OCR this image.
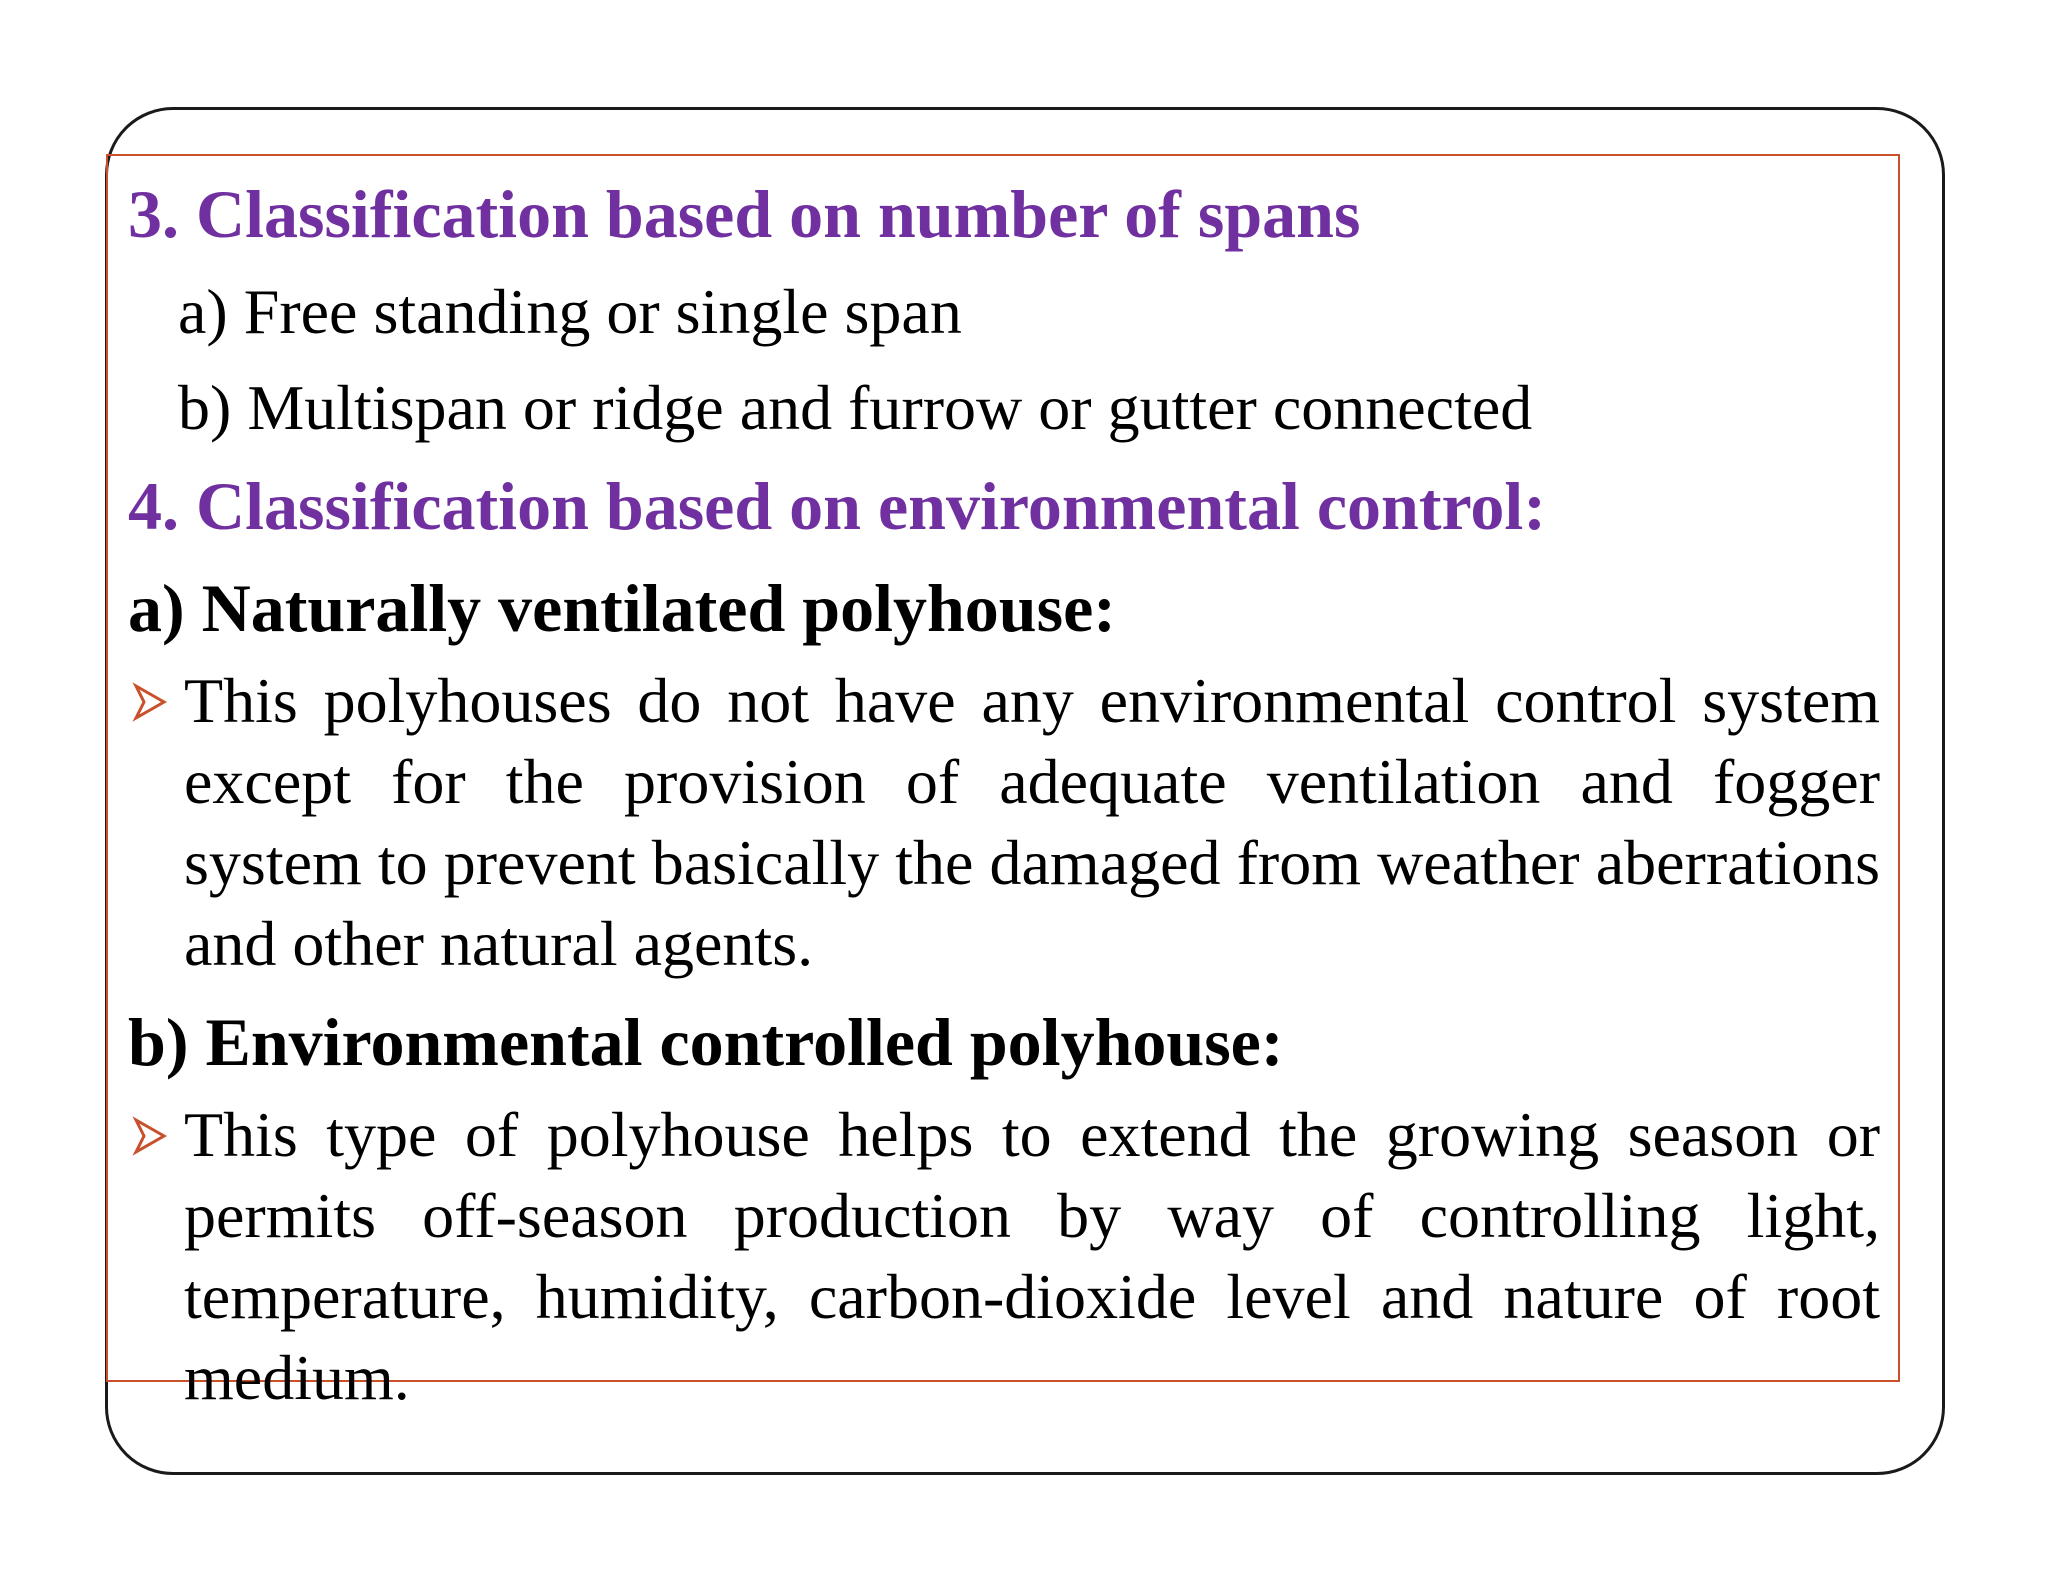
3. Classification based on number of spans

a) Free standing or single span

b) Multispan or ridge and furrow or gutter connected

4. Classification based on environmental control:

a) Naturally ventilated polyhouse:

This polyhouses do not have any environmental control system except for the provision of adequate ventilation and fogger system to prevent basically the damaged from weather aberrations and other natural agents.

b) Environmental controlled polyhouse:

This type of polyhouse helps to extend the growing season or permits off-season production by way of controlling light, temperature, humidity, carbon-dioxide level and nature of root medium.
